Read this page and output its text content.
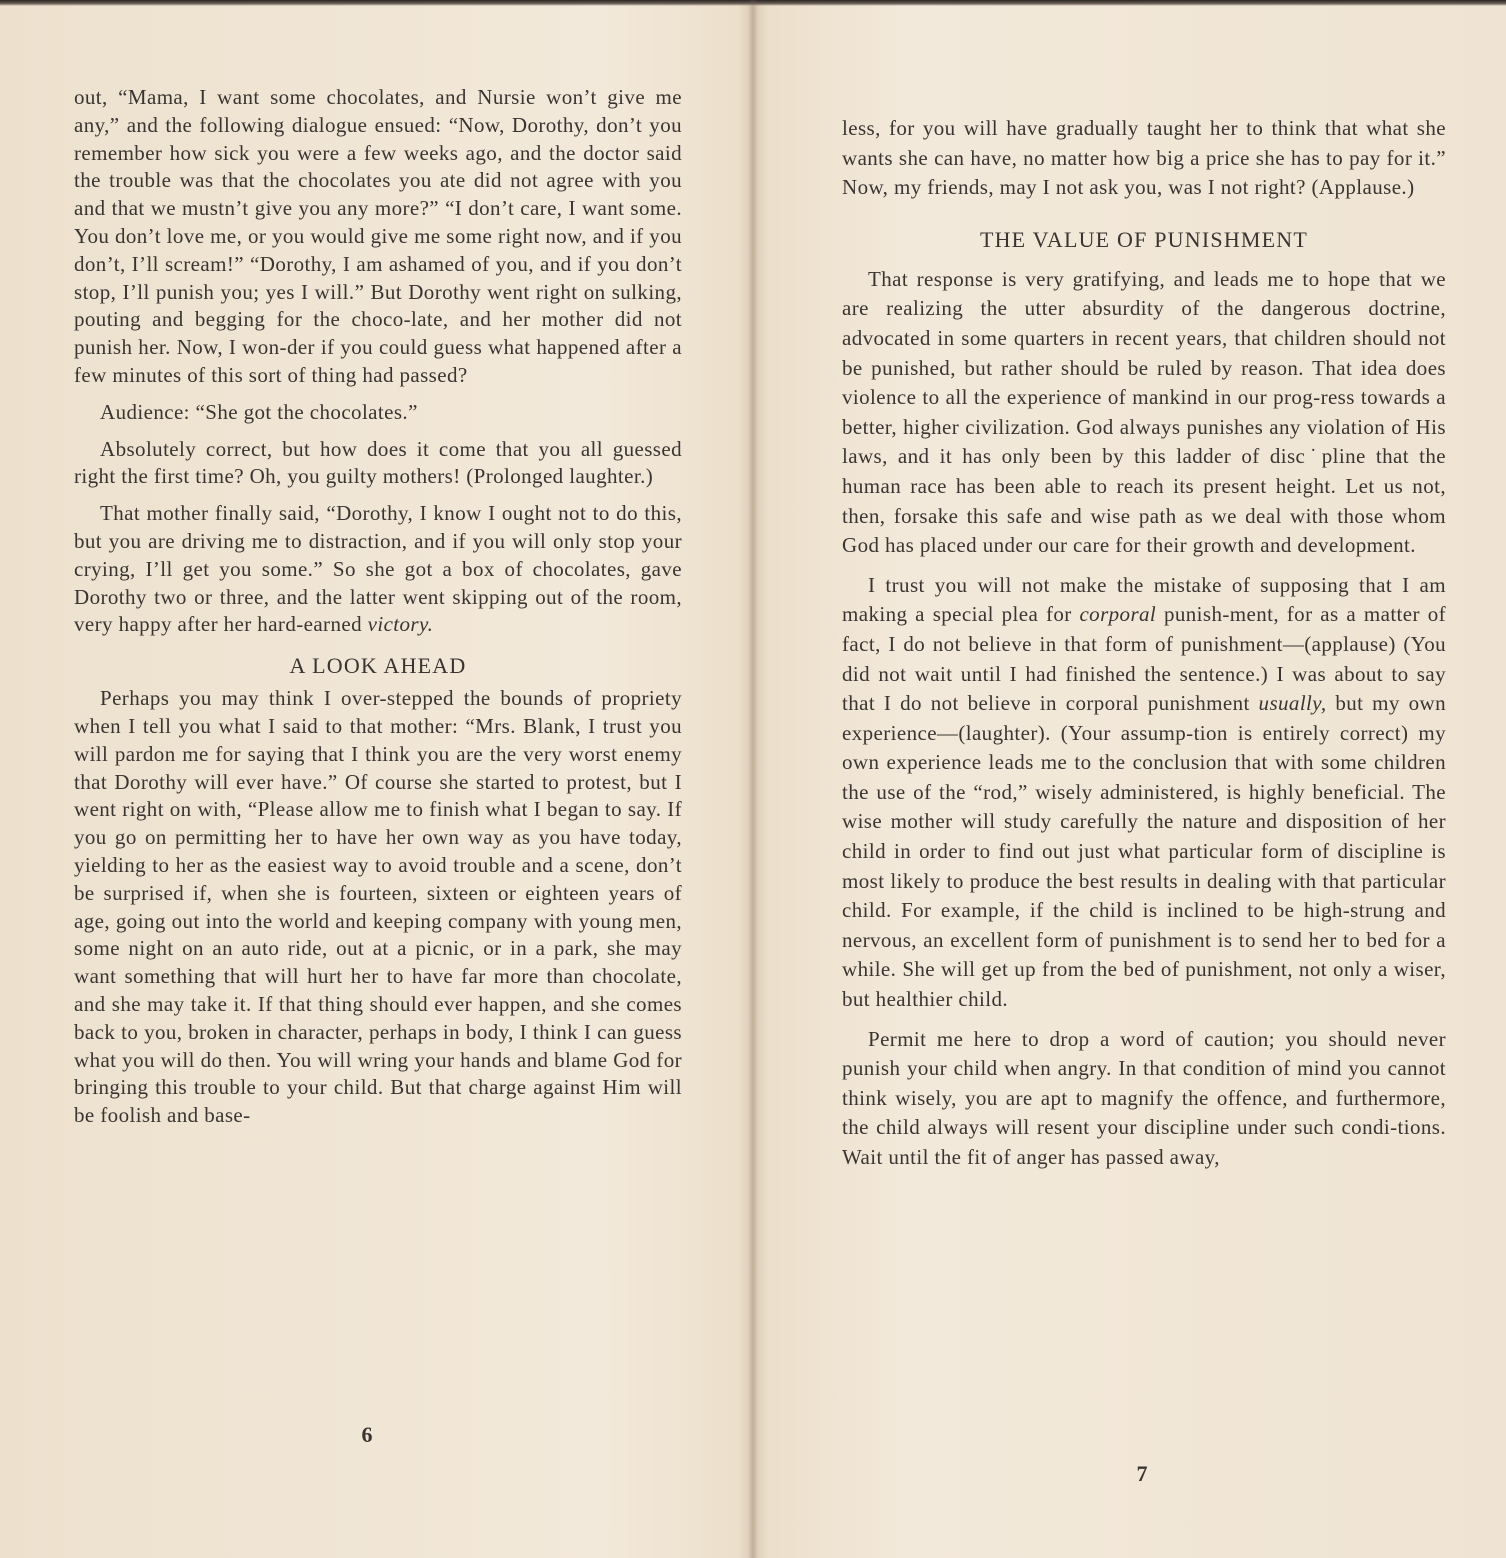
out, “Mama, I want some chocolates, and Nursie won’t give me any,” and the following dialogue ensued: “Now, Dorothy, don’t you remember how sick you were a few weeks ago, and the doctor said the trouble was that the chocolates you ate did not agree with you and that we mustn’t give you any more?” “I don’t care, I want some. You don’t love me, or you would give me some right now, and if you don’t, I’ll scream!” “Dorothy, I am ashamed of you, and if you don’t stop, I’ll punish you; yes I will.” But Dorothy went right on sulking, pouting and begging for the choco-late, and her mother did not punish her. Now, I won-der if you could guess what happened after a few minutes of this sort of thing had passed?

Audience: “She got the chocolates.”

Absolutely correct, but how does it come that you all guessed right the first time? Oh, you guilty mothers! (Prolonged laughter.)

That mother finally said, “Dorothy, I know I ought not to do this, but you are driving me to distraction, and if you will only stop your crying, I’ll get you some.” So she got a box of chocolates, gave Dorothy two or three, and the latter went skipping out of the room, very happy after her hard-earned victory.

A LOOK AHEAD

Perhaps you may think I over-stepped the bounds of propriety when I tell you what I said to that mother: “Mrs. Blank, I trust you will pardon me for saying that I think you are the very worst enemy that Dorothy will ever have.” Of course she started to protest, but I went right on with, “Please allow me to finish what I began to say. If you go on permitting her to have her own way as you have today, yielding to her as the easiest way to avoid trouble and a scene, don’t be surprised if, when she is fourteen, sixteen or eighteen years of age, going out into the world and keeping company with young men, some night on an auto ride, out at a picnic, or in a park, she may want something that will hurt her to have far more than chocolate, and she may take it. If that thing should ever happen, and she comes back to you, broken in character, perhaps in body, I think I can guess what you will do then. You will wring your hands and blame God for bringing this trouble to your child. But that charge against Him will be foolish and base-

6

less, for you will have gradually taught her to think that what she wants she can have, no matter how big a price she has to pay for it.” Now, my friends, may I not ask you, was I not right? (Applause.)

THE VALUE OF PUNISHMENT

That response is very gratifying, and leads me to hope that we are realizing the utter absurdity of the dangerous doctrine, advocated in some quarters in recent years, that children should not be punished, but rather should be ruled by reason. That idea does violence to all the experience of mankind in our prog-ress towards a better, higher civilization. God always punishes any violation of His laws, and it has only been by this ladder of disc˙pline that the human race has been able to reach its present height. Let us not, then, forsake this safe and wise path as we deal with those whom God has placed under our care for their growth and development.

I trust you will not make the mistake of supposing that I am making a special plea for corporal punish-ment, for as a matter of fact, I do not believe in that form of punishment—(applause) (You did not wait until I had finished the sentence.) I was about to say that I do not believe in corporal punishment usually, but my own experience—(laughter). (Your assump-tion is entirely correct) my own experience leads me to the conclusion that with some children the use of the “rod,” wisely administered, is highly beneficial. The wise mother will study carefully the nature and disposition of her child in order to find out just what particular form of discipline is most likely to produce the best results in dealing with that particular child. For example, if the child is inclined to be high-strung and nervous, an excellent form of punishment is to send her to bed for a while. She will get up from the bed of punishment, not only a wiser, but healthier child.

Permit me here to drop a word of caution; you should never punish your child when angry. In that condition of mind you cannot think wisely, you are apt to magnify the offence, and furthermore, the child always will resent your discipline under such condi-tions. Wait until the fit of anger has passed away,

7
